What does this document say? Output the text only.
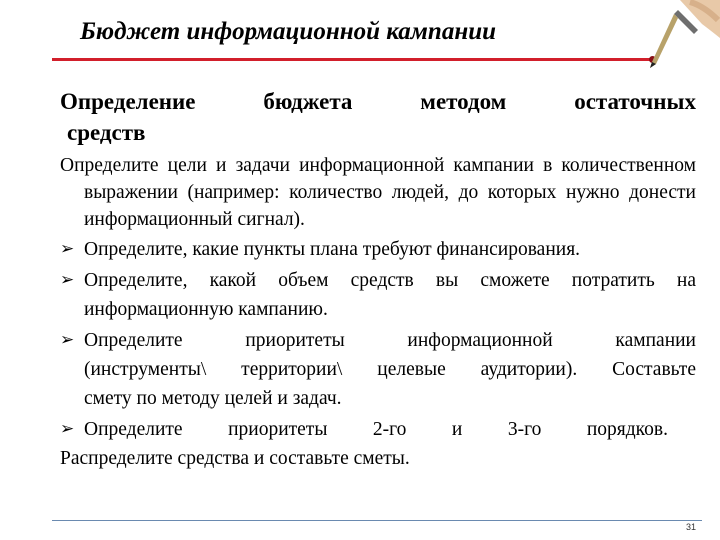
Бюджет информационной кампании
Определение бюджета методом остаточных
средств
Определите цели и задачи информационной кампании в количественном выражении (например: количество людей, до которых нужно донести информационный сигнал).
➢ Определите, какие пункты плана требуют финансирования.
➢ Определите, какой объем средств вы сможете потратить на
информационную кампанию.
➢ Определите приоритеты информационной кампании
(инструменты\ территории\ целевые аудитории). Составьте
смету по методу целей и задач.
➢ Определите приоритеты 2-го и 3-го порядков.
Распределите средства и составьте сметы.
31
